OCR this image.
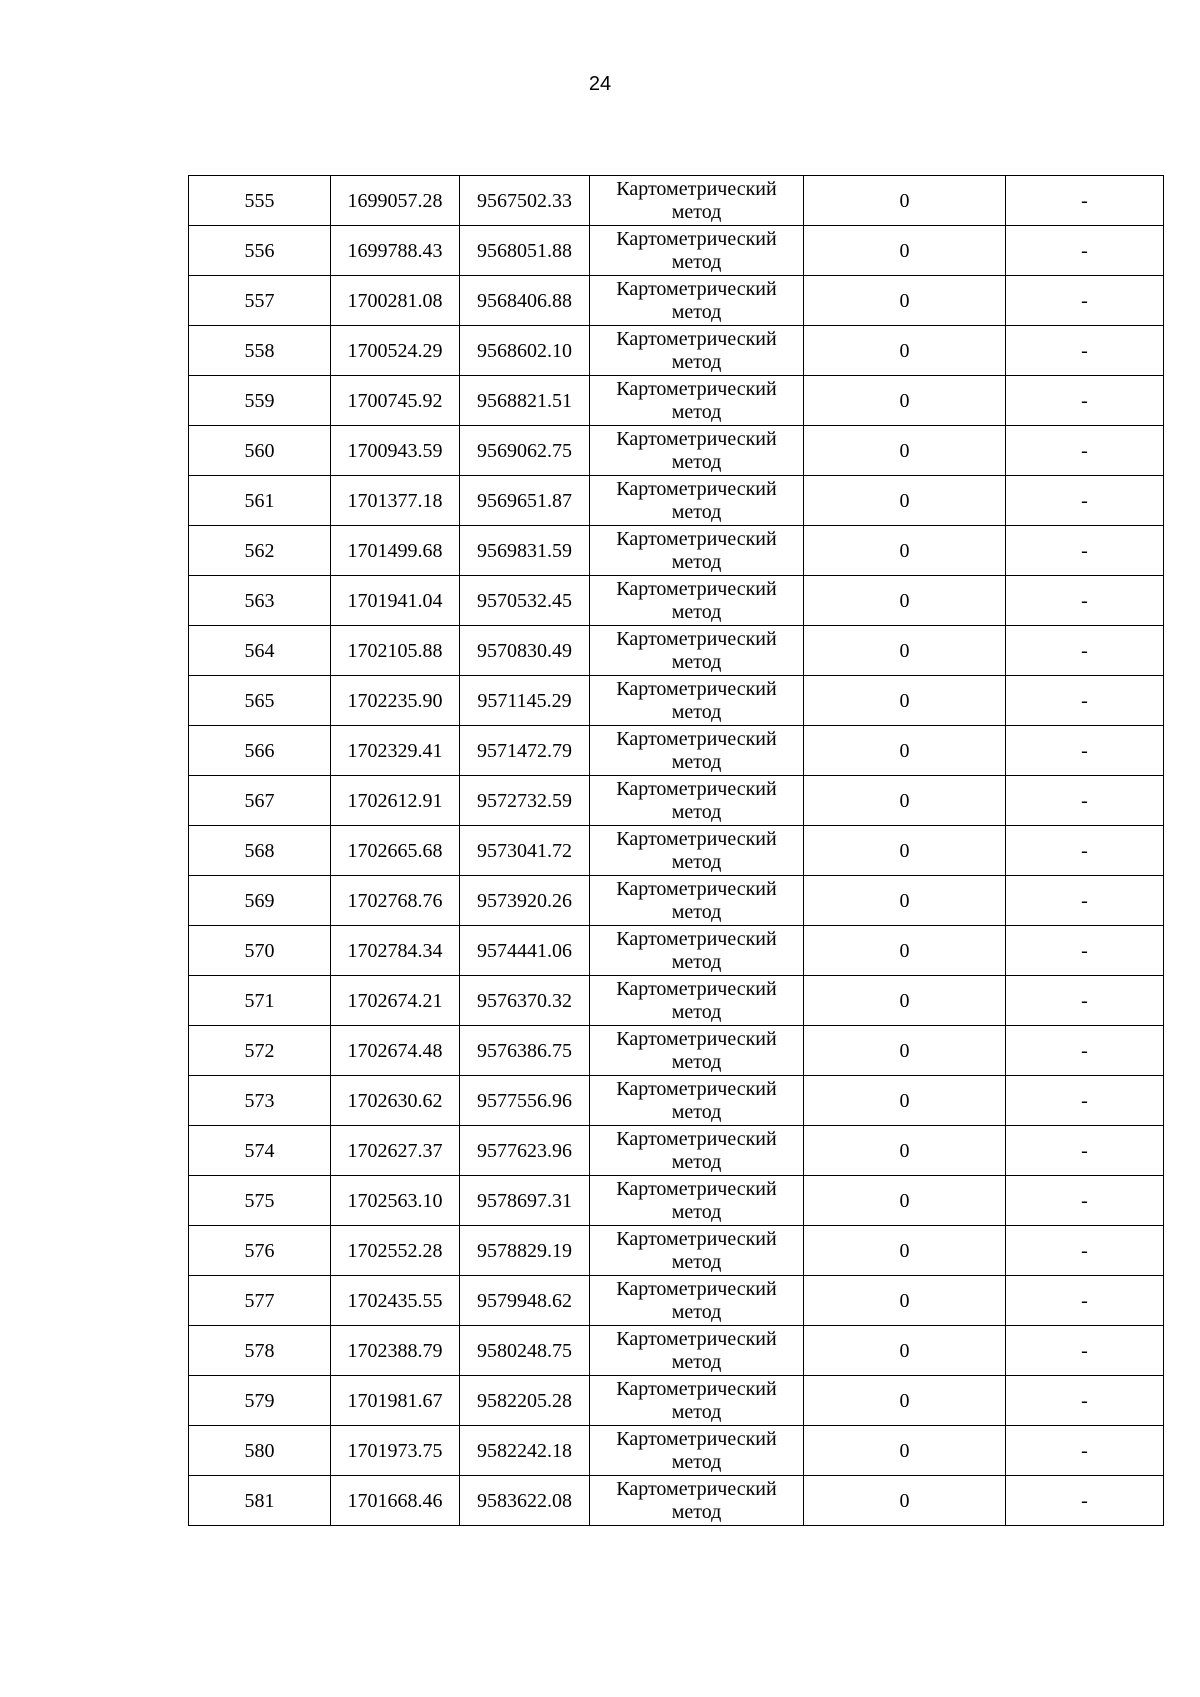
24
555	1699057.28	9567502.33	Картометрический метод	0	-
556	1699788.43	9568051.88	Картометрический метод	0	-
557	1700281.08	9568406.88	Картометрический метод	0	-
558	1700524.29	9568602.10	Картометрический метод	0	-
559	1700745.92	9568821.51	Картометрический метод	0	-
560	1700943.59	9569062.75	Картометрический метод	0	-
561	1701377.18	9569651.87	Картометрический метод	0	-
562	1701499.68	9569831.59	Картометрический метод	0	-
563	1701941.04	9570532.45	Картометрический метод	0	-
564	1702105.88	9570830.49	Картометрический метод	0	-
565	1702235.90	9571145.29	Картометрический метод	0	-
566	1702329.41	9571472.79	Картометрический метод	0	-
567	1702612.91	9572732.59	Картометрический метод	0	-
568	1702665.68	9573041.72	Картометрический метод	0	-
569	1702768.76	9573920.26	Картометрический метод	0	-
570	1702784.34	9574441.06	Картометрический метод	0	-
571	1702674.21	9576370.32	Картометрический метод	0	-
572	1702674.48	9576386.75	Картометрический метод	0	-
573	1702630.62	9577556.96	Картометрический метод	0	-
574	1702627.37	9577623.96	Картометрический метод	0	-
575	1702563.10	9578697.31	Картометрический метод	0	-
576	1702552.28	9578829.19	Картометрический метод	0	-
577	1702435.55	9579948.62	Картометрический метод	0	-
578	1702388.79	9580248.75	Картометрический метод	0	-
579	1701981.67	9582205.28	Картометрический метод	0	-
580	1701973.75	9582242.18	Картометрический метод	0	-
581	1701668.46	9583622.08	Картометрический метод	0	-
